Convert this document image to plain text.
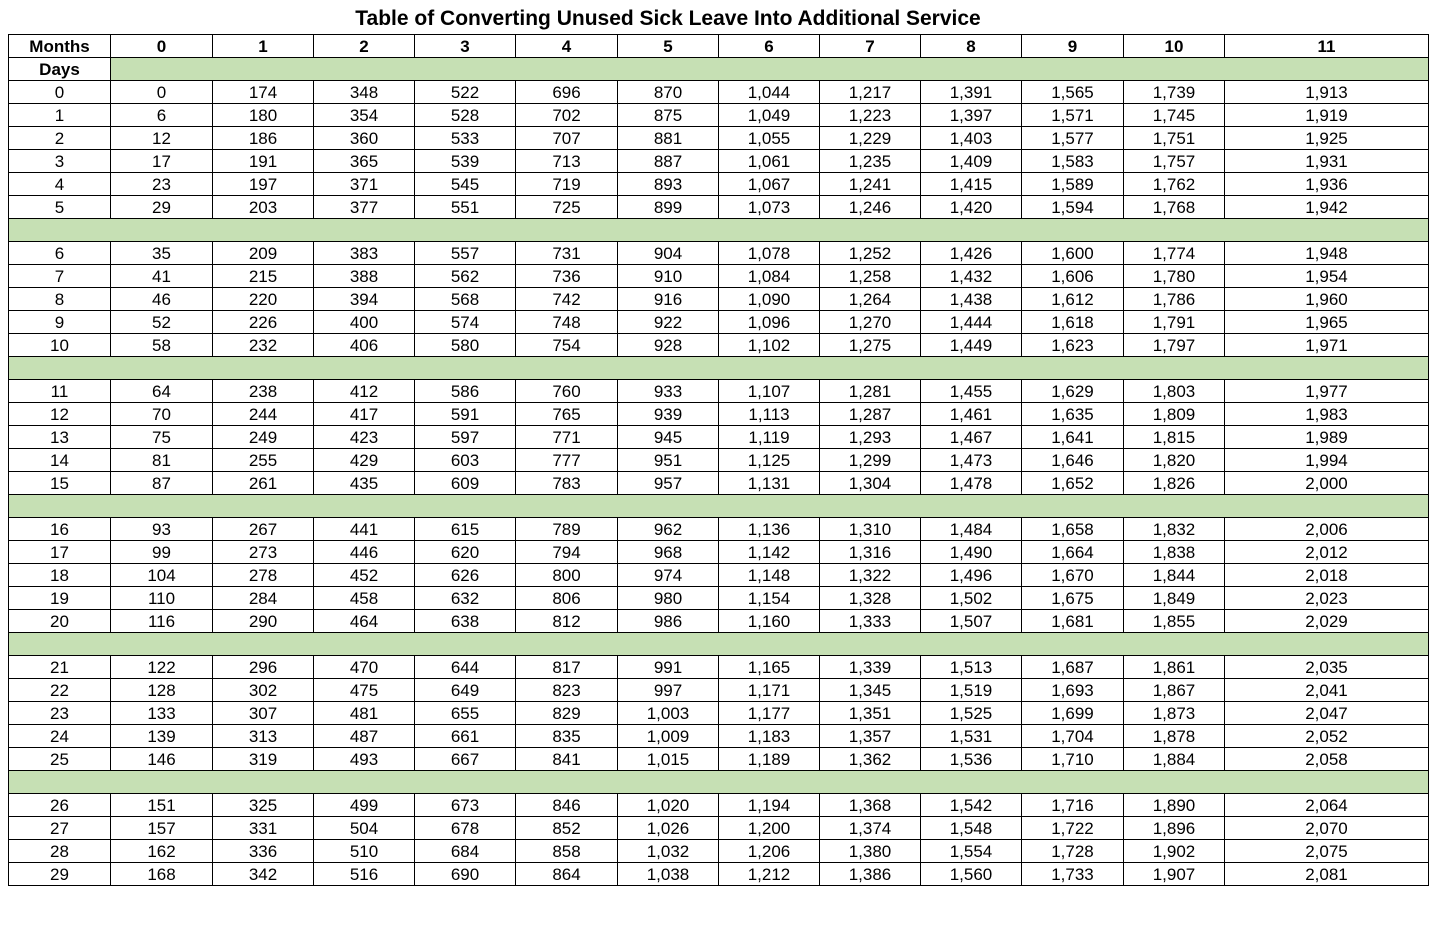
Table of Converting Unused Sick Leave Into Additional Service
Months	0	1	2	3	4	5	6	7	8	9	10	11
Days												
0	0	174	348	522	696	870	1,044	1,217	1,391	1,565	1,739	1,913
1	6	180	354	528	702	875	1,049	1,223	1,397	1,571	1,745	1,919
2	12	186	360	533	707	881	1,055	1,229	1,403	1,577	1,751	1,925
3	17	191	365	539	713	887	1,061	1,235	1,409	1,583	1,757	1,931
4	23	197	371	545	719	893	1,067	1,241	1,415	1,589	1,762	1,936
5	29	203	377	551	725	899	1,073	1,246	1,420	1,594	1,768	1,942

6	35	209	383	557	731	904	1,078	1,252	1,426	1,600	1,774	1,948
7	41	215	388	562	736	910	1,084	1,258	1,432	1,606	1,780	1,954
8	46	220	394	568	742	916	1,090	1,264	1,438	1,612	1,786	1,960
9	52	226	400	574	748	922	1,096	1,270	1,444	1,618	1,791	1,965
10	58	232	406	580	754	928	1,102	1,275	1,449	1,623	1,797	1,971

11	64	238	412	586	760	933	1,107	1,281	1,455	1,629	1,803	1,977
12	70	244	417	591	765	939	1,113	1,287	1,461	1,635	1,809	1,983
13	75	249	423	597	771	945	1,119	1,293	1,467	1,641	1,815	1,989
14	81	255	429	603	777	951	1,125	1,299	1,473	1,646	1,820	1,994
15	87	261	435	609	783	957	1,131	1,304	1,478	1,652	1,826	2,000

16	93	267	441	615	789	962	1,136	1,310	1,484	1,658	1,832	2,006
17	99	273	446	620	794	968	1,142	1,316	1,490	1,664	1,838	2,012
18	104	278	452	626	800	974	1,148	1,322	1,496	1,670	1,844	2,018
19	110	284	458	632	806	980	1,154	1,328	1,502	1,675	1,849	2,023
20	116	290	464	638	812	986	1,160	1,333	1,507	1,681	1,855	2,029

21	122	296	470	644	817	991	1,165	1,339	1,513	1,687	1,861	2,035
22	128	302	475	649	823	997	1,171	1,345	1,519	1,693	1,867	2,041
23	133	307	481	655	829	1,003	1,177	1,351	1,525	1,699	1,873	2,047
24	139	313	487	661	835	1,009	1,183	1,357	1,531	1,704	1,878	2,052
25	146	319	493	667	841	1,015	1,189	1,362	1,536	1,710	1,884	2,058

26	151	325	499	673	846	1,020	1,194	1,368	1,542	1,716	1,890	2,064
27	157	331	504	678	852	1,026	1,200	1,374	1,548	1,722	1,896	2,070
28	162	336	510	684	858	1,032	1,206	1,380	1,554	1,728	1,902	2,075
29	168	342	516	690	864	1,038	1,212	1,386	1,560	1,733	1,907	2,081
